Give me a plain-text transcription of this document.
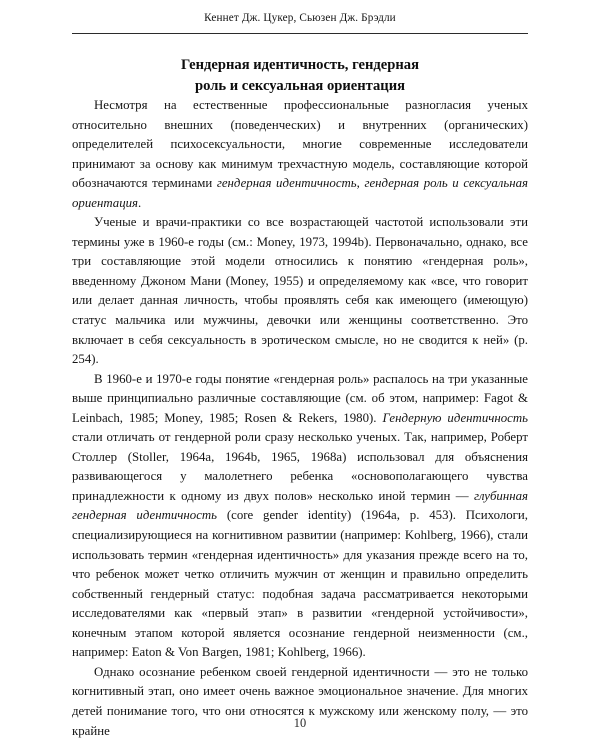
Кеннет Дж. Цукер, Сьюзен Дж. Брэдли
Гендерная идентичность, гендерная
роль и сексуальная ориентация

Несмотря на естественные профессиональные разногласия ученых относительно внешних (поведенческих) и внутренних (органических) определителей психосексуальности, многие современные исследователи принимают за основу как минимум трехчастную модель, составляющие которой обозначаются терминами гендерная идентичность, гендерная роль и сексуальная ориентация.

Ученые и врачи-практики со все возрастающей частотой использовали эти термины уже в 1960-е годы (см.: Money, 1973, 1994b). Первоначально, однако, все три составляющие этой модели относились к понятию «гендерная роль», введенному Джоном Мани (Money, 1955) и определяемому как «все, что говорит или делает данная личность, чтобы проявлять себя как имеющего (имеющую) статус мальчика или мужчины, девочки или женщины соответственно. Это включает в себя сексуальность в эротическом смысле, но не сводится к ней» (p. 254).

В 1960-е и 1970-е годы понятие «гендерная роль» распалось на три указанные выше принципиально различные составляющие (см. об этом, например: Fagot & Leinbach, 1985; Money, 1985; Rosen & Rekers, 1980). Гендерную идентичность стали отличать от гендерной роли сразу несколько ученых. Так, например, Роберт Столлер (Stoller, 1964a, 1964b, 1965, 1968a) использовал для объяснения развивающегося у малолетнего ребенка «основополагающего чувства принадлежности к одному из двух полов» несколько иной термин — глубинная гендерная идентичность (core gender identity) (1964a, p. 453). Психологи, специализирующиеся на когнитивном развитии (например: Kohlberg, 1966), стали использовать термин «гендерная идентичность» для указания прежде всего на то, что ребенок может четко отличить мужчин от женщин и правильно определить собственный гендерный статус: подобная задача рассматривается некоторыми исследователями как «первый этап» в развитии «гендерной устойчивости», конечным этапом которой является осознание гендерной неизменности (см., например: Eaton & Von Bargen, 1981; Kohlberg, 1966).

Однако осознание ребенком своей гендерной идентичности — это не только когнитивный этап, оно имеет очень важное эмоциональное значение. Для многих детей понимание того, что они относятся к мужскому или женскому полу, — это крайне

10
